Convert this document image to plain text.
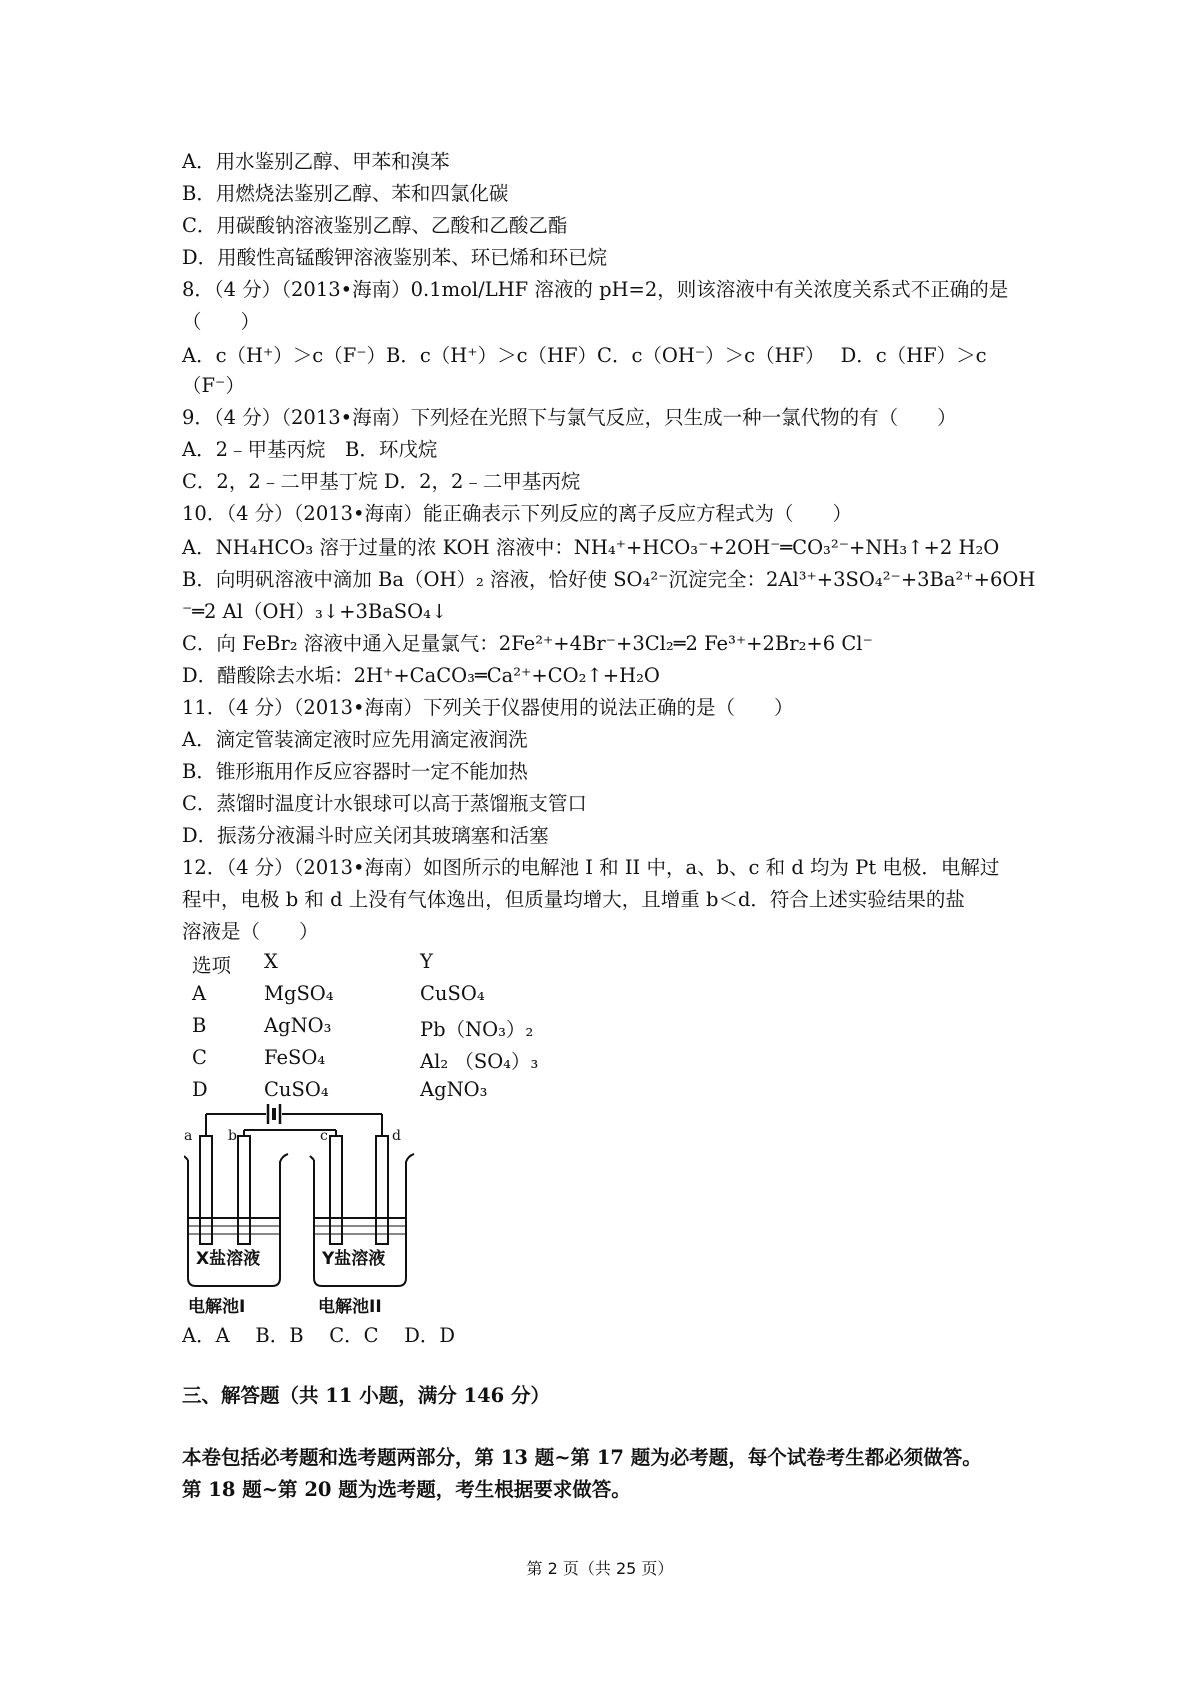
A．用水鉴别乙醇、甲苯和溴苯
B．用燃烧法鉴别乙醇、苯和四氯化碳
C．用碳酸钠溶液鉴别乙醇、乙酸和乙酸乙酯
D．用酸性高锰酸钾溶液鉴别苯、环已烯和环已烷
8．（4 分）（2013•海南）0.1mol/LHF 溶液的 pH=2，则该溶液中有关浓度关系式不正确的是
（　　）
A．c（H⁺）＞c（F⁻）B．c（H⁺）＞c（HF）C．c（OH⁻）＞c（HF）　 D．c（HF）＞c
（F⁻）
9．（4 分）（2013•海南）下列烃在光照下与氯气反应，只生成一种一氯代物的有（　　）
A．2﹣甲基丙烷　B．环戊烷
C．2，2﹣二甲基丁烷 D．2，2﹣二甲基丙烷
10．（4 分）（2013•海南）能正确表示下列反应的离子反应方程式为（　　）
A．NH₄HCO₃ 溶于过量的浓 KOH 溶液中：NH₄⁺+HCO₃⁻+2OH⁻═CO₃²⁻+NH₃↑+2 H₂O
B．向明矾溶液中滴加 Ba（OH）₂ 溶液，恰好使 SO₄²⁻沉淀完全：2Al³⁺+3SO₄²⁻+3Ba²⁺+6OH
⁻═2 Al（OH）₃↓+3BaSO₄↓
C．向 FeBr₂ 溶液中通入足量氯气：2Fe²⁺+4Br⁻+3Cl₂═2 Fe³⁺+2Br₂+6 Cl⁻
D．醋酸除去水垢：2H⁺+CaCO₃═Ca²⁺+CO₂↑+H₂O
11．（4 分）（2013•海南）下列关于仪器使用的说法正确的是（　　）
A．滴定管装滴定液时应先用滴定液润洗
B．锥形瓶用作反应容器时一定不能加热
C．蒸馏时温度计水银球可以高于蒸馏瓶支管口
D．振荡分液漏斗时应关闭其玻璃塞和活塞
12．（4 分）（2013•海南）如图所示的电解池 I 和 II 中，a、b、c 和 d 均为 Pt 电极．电解过
程中，电极 b 和 d 上没有气体逸出，但质量均增大，且增重 b＜d．符合上述实验结果的盐
溶液是（　　）
选项 X	Y
A	MgSO₄	CuSO₄
B	AgNO₃	Pb（NO₃）₂
C	FeSO₄	Al₂ （SO₄）₃
D	CuSO₄	AgNO₃
a	b	c	d
X盐溶液	Y盐溶液
电解池I	电解池II
A．A　 B．B　 C．C　 D．D
三、解答题（共 11 小题，满分 146 分）
本卷包括必考题和选考题两部分，第 13 题~第 17 题为必考题，每个试卷考生都必须做答。
第 18 题~第 20 题为选考题，考生根据要求做答。
第 2 页（共 25 页）
